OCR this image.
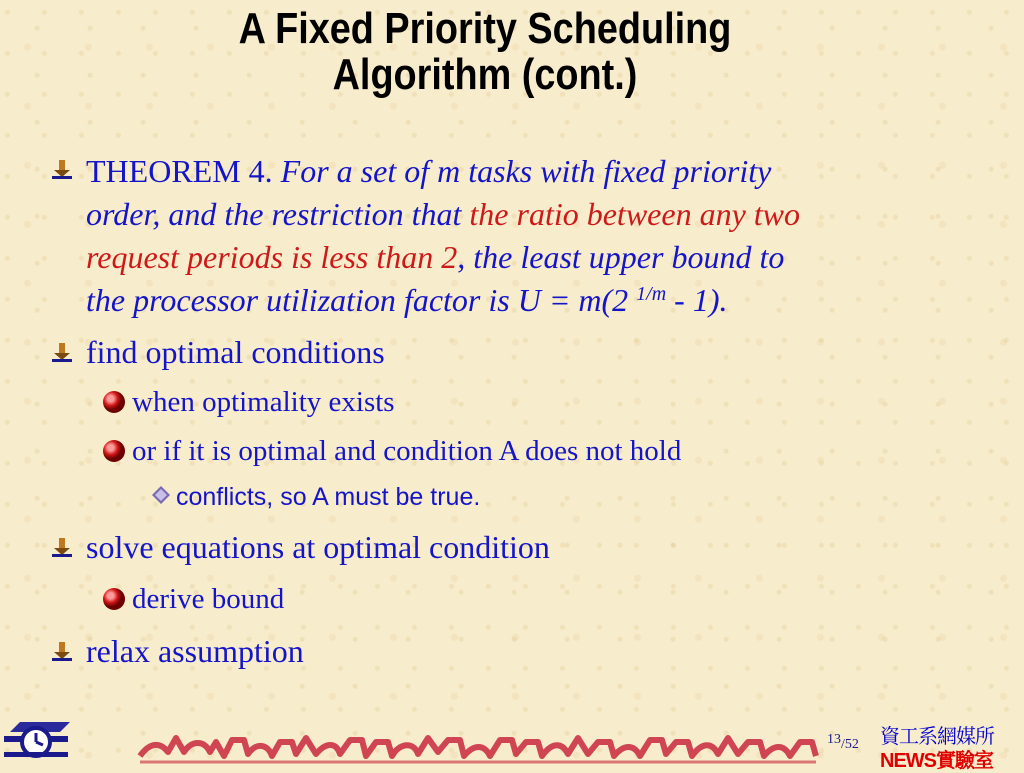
A Fixed Priority Scheduling
Algorithm (cont.)
THEOREM 4. For a set of m tasks with fixed priority
order, and the restriction that the ratio between any two
request periods is less than 2, the least upper bound to
the processor utilization factor is U = m(2 $^{1/m}$ - 1).
find optimal conditions
when optimality exists
or if it is optimal and condition A does not hold
conflicts, so A must be true.
solve equations at optimal condition
derive bound
relax assumption
13/52 資工系網媒所
NEWS實驗室
